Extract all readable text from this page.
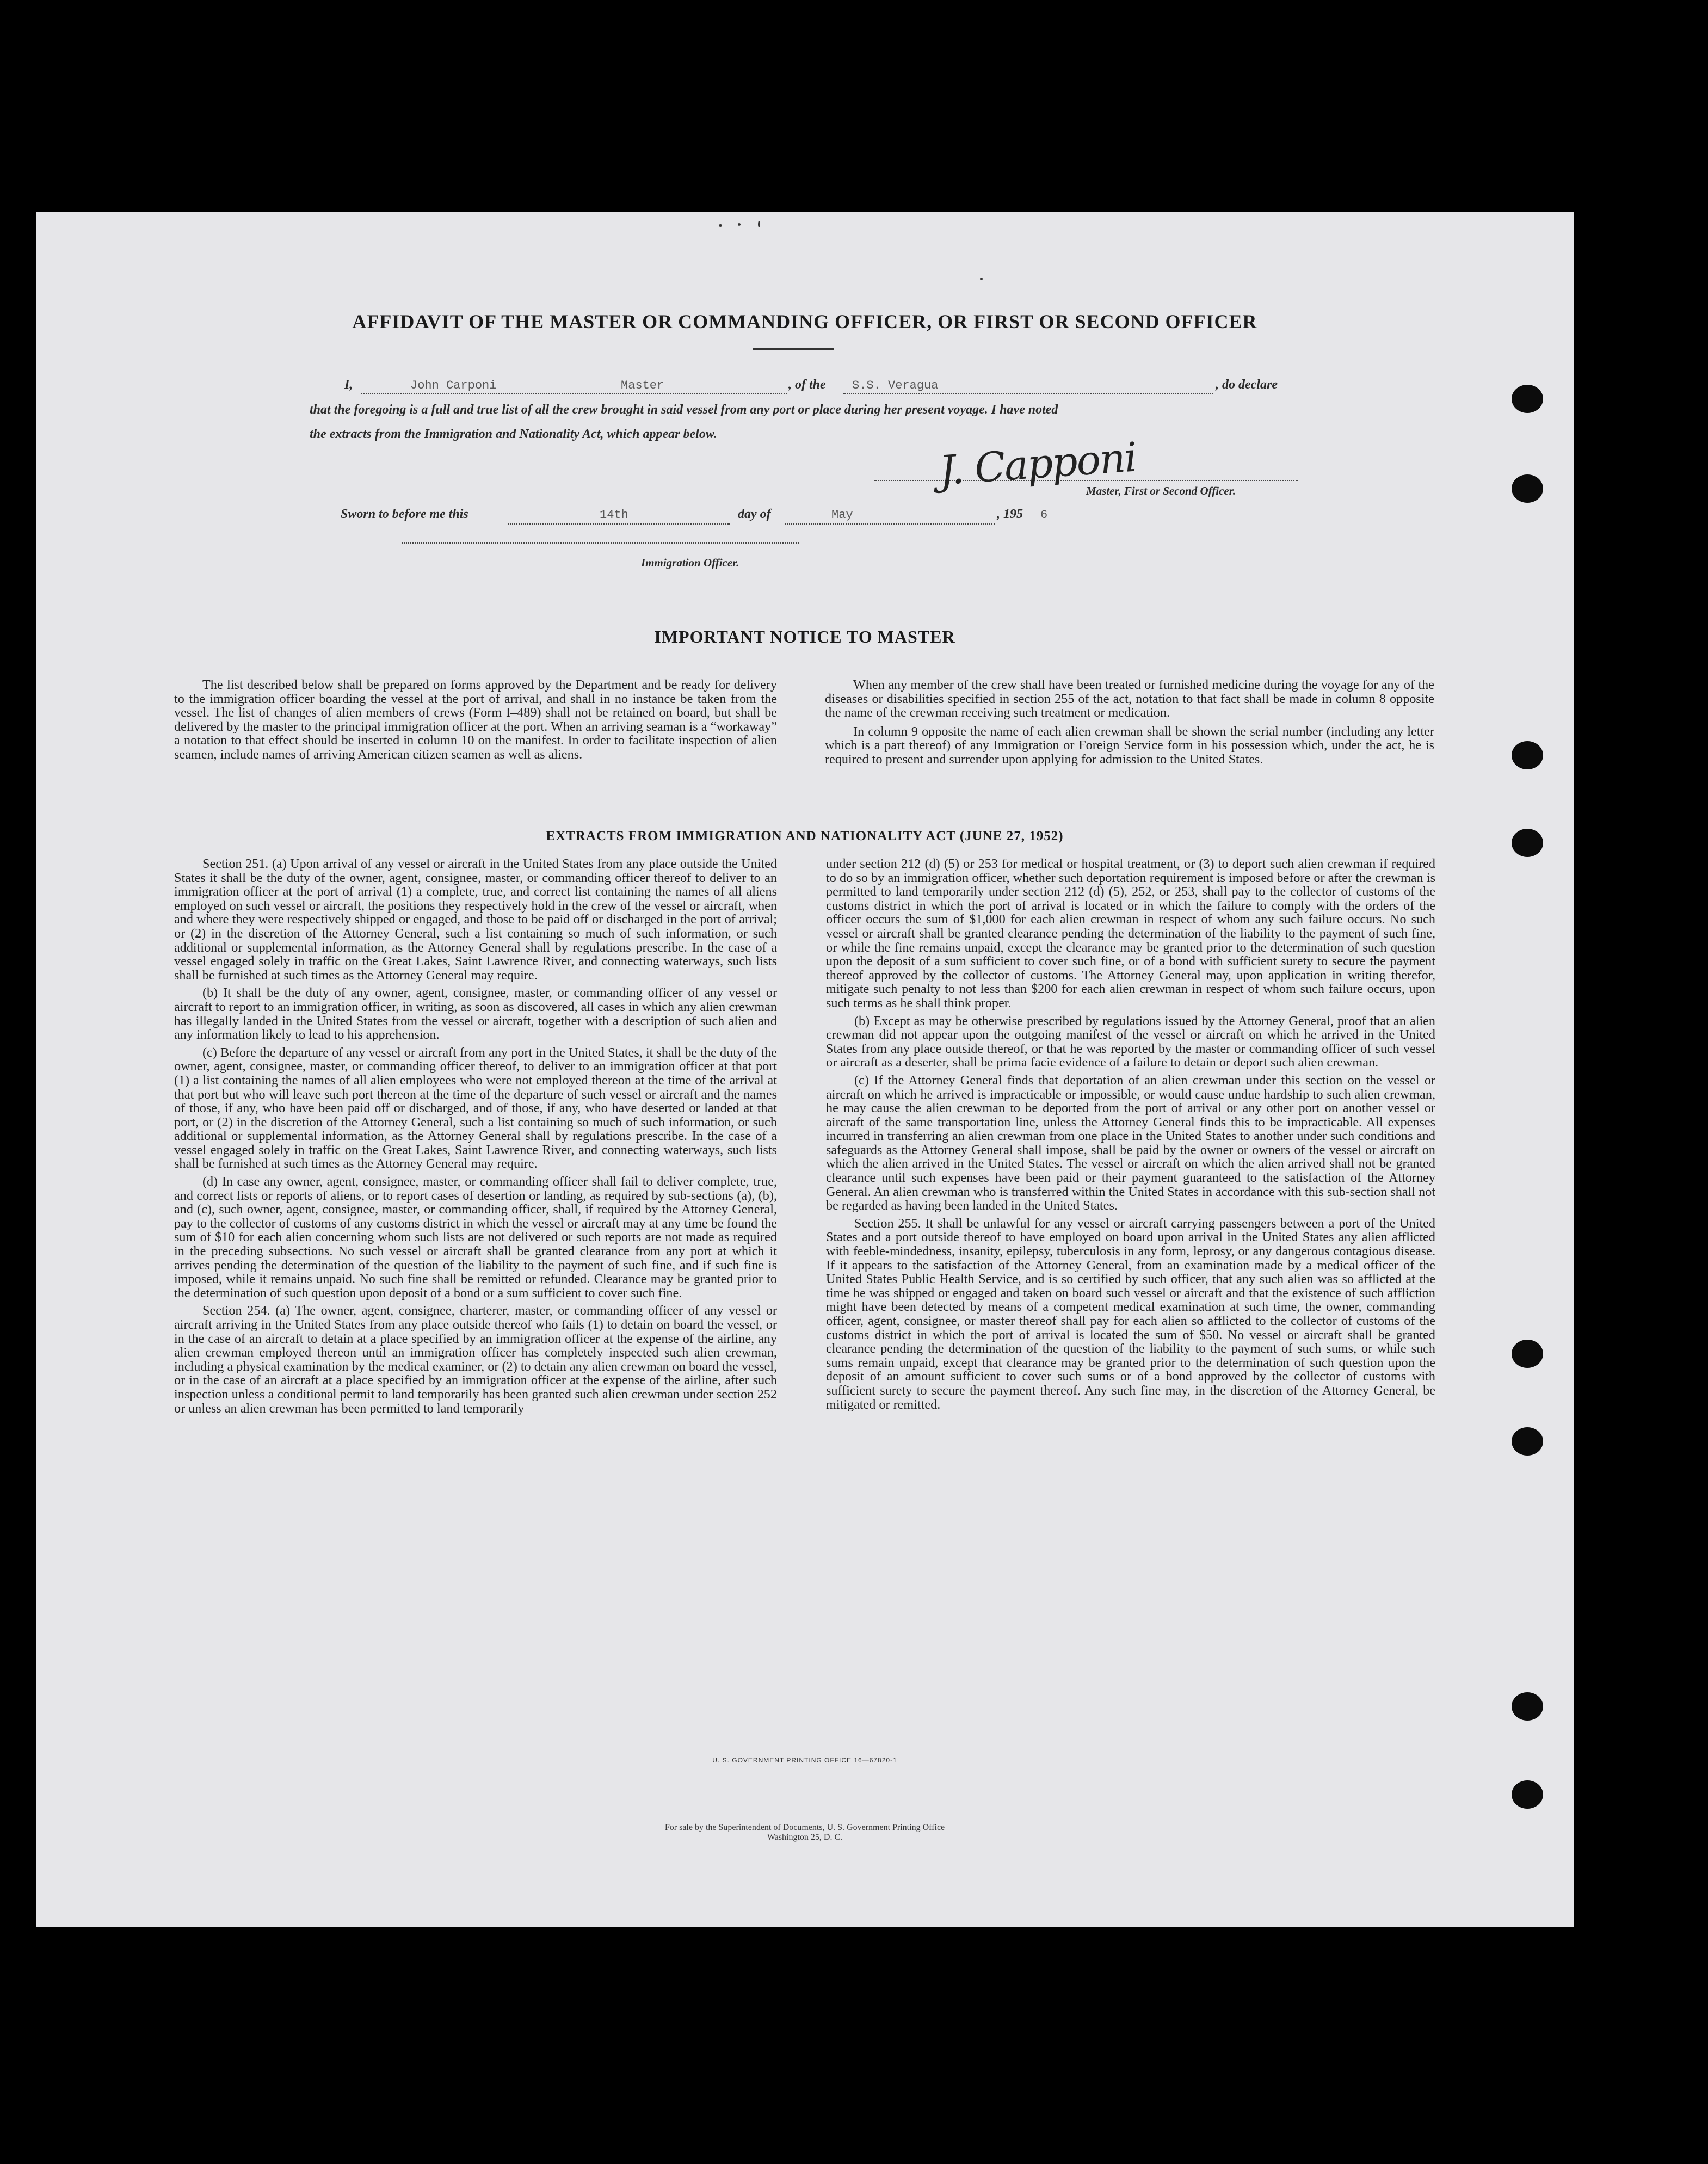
AFFIDAVIT OF THE MASTER OR COMMANDING OFFICER, OR FIRST OR SECOND OFFICER
I,	John Carponi	Master	, of the S.S. Veragua	, do declare
that the foregoing is a full and true list of all the crew brought in said vessel from any port or place during her present voyage. I have noted
the extracts from the Immigration and Nationality Act, which appear below.	J. Capponi
Master, First or Second Officer.
Sworn to before me this	14th	day of	May	, 195 6
Immigration Officer.
IMPORTANT NOTICE TO MASTER

The list described below shall be prepared on forms approved by the Department and be ready for delivery to the immigration officer boarding the vessel at the port of arrival, and shall in no instance be taken from the vessel. The list of changes of alien members of crews (Form I–489) shall not be retained on board, but shall be delivered by the master to the principal immigration officer at the port. When an arriving seaman is a “workaway” a notation to that effect should be inserted in column 10 on the manifest. In order to facilitate inspection of alien seamen, include names of arriving American citizen seamen as well as aliens.

When any member of the crew shall have been treated or furnished medicine during the voyage for any of the diseases or disabilities specified in section 255 of the act, notation to that fact shall be made in column 8 opposite the name of the crewman receiving such treatment or medication.

In column 9 opposite the name of each alien crewman shall be shown the serial number (including any letter which is a part thereof) of any Immigration or Foreign Service form in his possession which, under the act, he is required to present and surrender upon applying for admission to the United States.

EXTRACTS FROM IMMIGRATION AND NATIONALITY ACT (JUNE 27, 1952)

Section 251. (a) Upon arrival of any vessel or aircraft in the United States from any place outside the United States it shall be the duty of the owner, agent, consignee, master, or commanding officer thereof to deliver to an immigration officer at the port of arrival (1) a complete, true, and correct list containing the names of all aliens employed on such vessel or aircraft, the positions they respectively hold in the crew of the vessel or aircraft, when and where they were respectively shipped or engaged, and those to be paid off or discharged in the port of arrival; or (2) in the discretion of the Attorney General, such a list containing so much of such information, or such additional or supplemental information, as the Attorney General shall by regulations prescribe. In the case of a vessel engaged solely in traffic on the Great Lakes, Saint Lawrence River, and connecting waterways, such lists shall be furnished at such times as the Attorney General may require.

(b) It shall be the duty of any owner, agent, consignee, master, or commanding officer of any vessel or aircraft to report to an immigration officer, in writing, as soon as discovered, all cases in which any alien crewman has illegally landed in the United States from the vessel or aircraft, together with a description of such alien and any information likely to lead to his apprehension.

(c) Before the departure of any vessel or aircraft from any port in the United States, it shall be the duty of the owner, agent, consignee, master, or commanding officer thereof, to deliver to an immigration officer at that port (1) a list containing the names of all alien employees who were not employed thereon at the time of the arrival at that port but who will leave such port thereon at the time of the departure of such vessel or aircraft and the names of those, if any, who have been paid off or discharged, and of those, if any, who have deserted or landed at that port, or (2) in the discretion of the Attorney General, such a list containing so much of such information, or such additional or supplemental information, as the Attorney General shall by regulations prescribe. In the case of a vessel engaged solely in traffic on the Great Lakes, Saint Lawrence River, and connecting waterways, such lists shall be furnished at such times as the Attorney General may require.

(d) In case any owner, agent, consignee, master, or commanding officer shall fail to deliver complete, true, and correct lists or reports of aliens, or to report cases of desertion or landing, as required by sub-sections (a), (b), and (c), such owner, agent, consignee, master, or commanding officer, shall, if required by the Attorney General, pay to the collector of customs of any customs district in which the vessel or aircraft may at any time be found the sum of $10 for each alien concerning whom such lists are not delivered or such reports are not made as required in the preceding subsections. No such vessel or aircraft shall be granted clearance from any port at which it arrives pending the determination of the question of the liability to the payment of such fine, and if such fine is imposed, while it remains unpaid. No such fine shall be remitted or refunded. Clearance may be granted prior to the determination of such question upon deposit of a bond or a sum sufficient to cover such fine.

Section 254. (a) The owner, agent, consignee, charterer, master, or commanding officer of any vessel or aircraft arriving in the United States from any place outside thereof who fails (1) to detain on board the vessel, or in the case of an aircraft to detain at a place specified by an immigration officer at the expense of the airline, any alien crewman employed thereon until an immigration officer has completely inspected such alien crewman, including a physical examination by the medical examiner, or (2) to detain any alien crewman on board the vessel, or in the case of an aircraft at a place specified by an immigration officer at the expense of the airline, after such inspection unless a conditional permit to land temporarily has been granted such alien crewman under section 252 or unless an alien crewman has been permitted to land temporarily

under section 212 (d) (5) or 253 for medical or hospital treatment, or (3) to deport such alien crewman if required to do so by an immigration officer, whether such deportation requirement is imposed before or after the crewman is permitted to land temporarily under section 212 (d) (5), 252, or 253, shall pay to the collector of customs of the customs district in which the port of arrival is located or in which the failure to comply with the orders of the officer occurs the sum of $1,000 for each alien crewman in respect of whom any such failure occurs. No such vessel or aircraft shall be granted clearance pending the determination of the liability to the payment of such fine, or while the fine remains unpaid, except the clearance may be granted prior to the determination of such question upon the deposit of a sum sufficient to cover such fine, or of a bond with sufficient surety to secure the payment thereof approved by the collector of customs. The Attorney General may, upon application in writing therefor, mitigate such penalty to not less than $200 for each alien crewman in respect of whom such failure occurs, upon such terms as he shall think proper.

(b) Except as may be otherwise prescribed by regulations issued by the Attorney General, proof that an alien crewman did not appear upon the outgoing manifest of the vessel or aircraft on which he arrived in the United States from any place outside thereof, or that he was reported by the master or commanding officer of such vessel or aircraft as a deserter, shall be prima facie evidence of a failure to detain or deport such alien crewman.

(c) If the Attorney General finds that deportation of an alien crewman under this section on the vessel or aircraft on which he arrived is impracticable or impossible, or would cause undue hardship to such alien crewman, he may cause the alien crewman to be deported from the port of arrival or any other port on another vessel or aircraft of the same transportation line, unless the Attorney General finds this to be impracticable. All expenses incurred in transferring an alien crewman from one place in the United States to another under such conditions and safeguards as the Attorney General shall impose, shall be paid by the owner or owners of the vessel or aircraft on which the alien arrived in the United States. The vessel or aircraft on which the alien arrived shall not be granted clearance until such expenses have been paid or their payment guaranteed to the satisfaction of the Attorney General. An alien crewman who is transferred within the United States in accordance with this sub-section shall not be regarded as having been landed in the United States.

Section 255. It shall be unlawful for any vessel or aircraft carrying passengers between a port of the United States and a port outside thereof to have employed on board upon arrival in the United States any alien afflicted with feeble-mindedness, insanity, epilepsy, tuberculosis in any form, leprosy, or any dangerous contagious disease. If it appears to the satisfaction of the Attorney General, from an examination made by a medical officer of the United States Public Health Service, and is so certified by such officer, that any such alien was so afflicted at the time he was shipped or engaged and taken on board such vessel or aircraft and that the existence of such affliction might have been detected by means of a competent medical examination at such time, the owner, commanding officer, agent, consignee, or master thereof shall pay for each alien so afflicted to the collector of customs of the customs district in which the port of arrival is located the sum of $50. No vessel or aircraft shall be granted clearance pending the determination of the question of the liability to the payment of such sums, or while such sums remain unpaid, except that clearance may be granted prior to the determination of such question upon the deposit of an amount sufficient to cover such sums or of a bond approved by the collector of customs with sufficient surety to secure the payment thereof. Any such fine may, in the discretion of the Attorney General, be mitigated or remitted.

U. S. GOVERNMENT PRINTING OFFICE 16—67820-1
For sale by the Superintendent of Documents, U. S. Government Printing Office
Washington 25, D. C.
